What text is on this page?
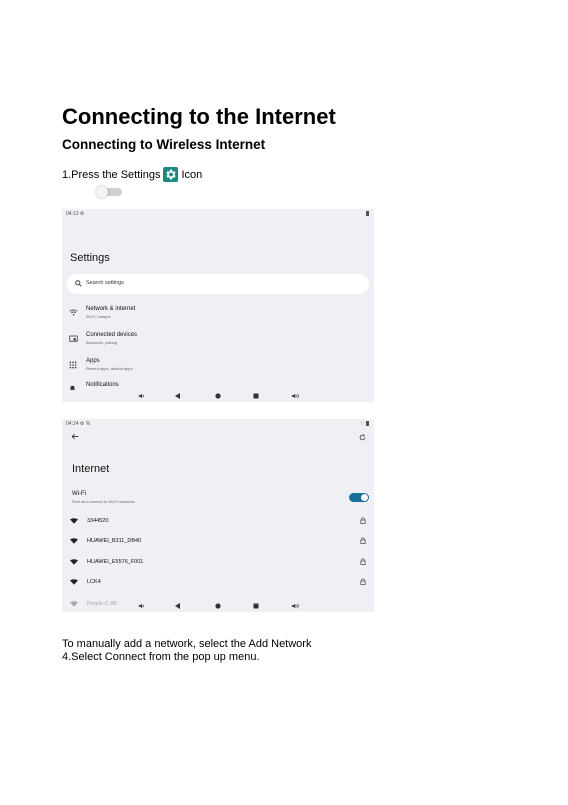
Connecting to the Internet
Connecting to Wireless Internet
1.Press the Settings Icon
04:13 ⚙
Settings
Search settings
Network & internet
Wi-Fi, hotspot
Connected devices
Bluetooth, pairing
Apps
Recent apps, default apps
Notifications
04:24 ⚙ %	♡
Internet
Wi-Fi
Find and connect to Wi-Fi networks
3344520
HUAWEI_B311_DB40
HUAWEI_E5576_F001
LCK4
Purple-C-88
To manually add a network, select the Add Network
4.Select Connect from the pop up menu.
